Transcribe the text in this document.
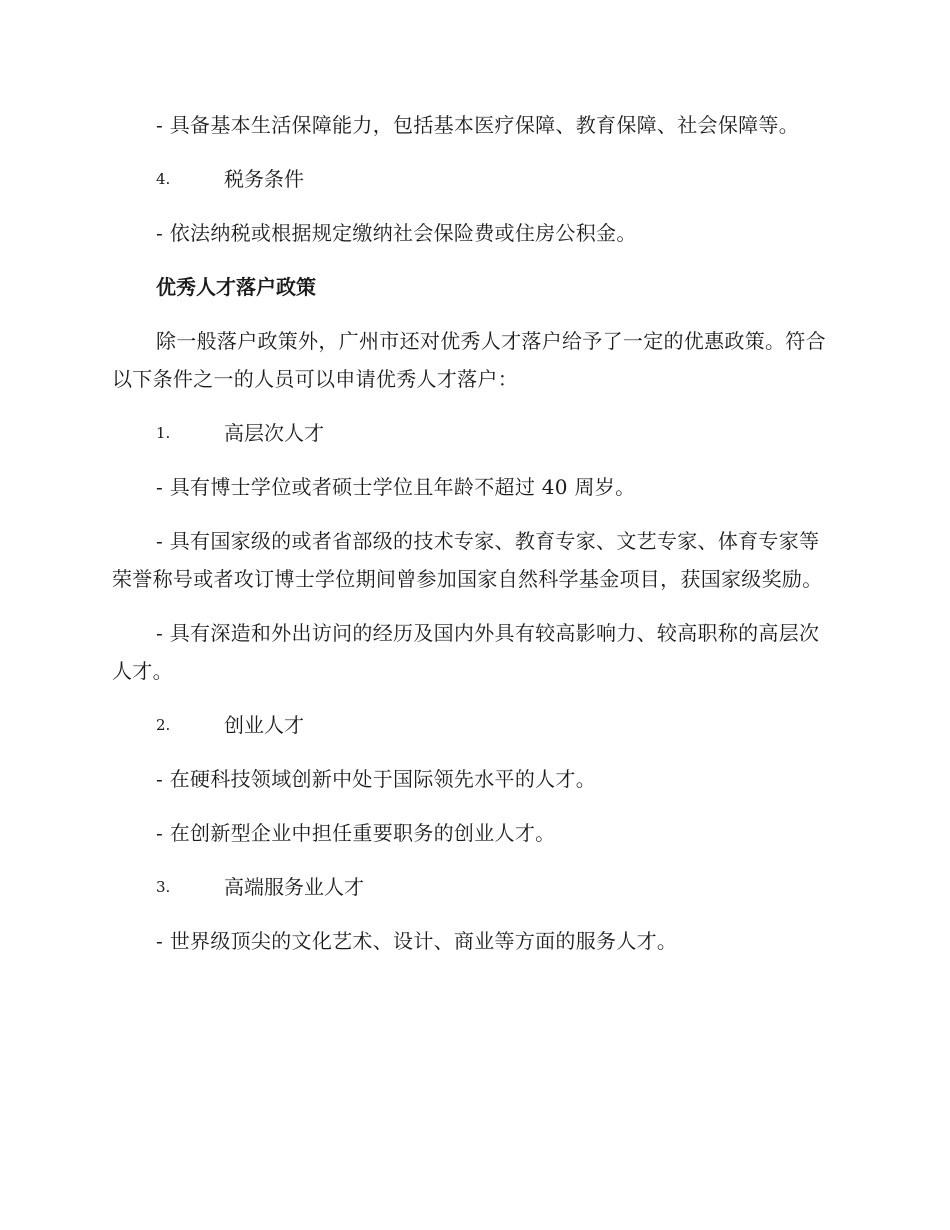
- 具备基本生活保障能力，包括基本医疗保障、教育保障、社会保障等。

4.	税务条件

- 依法纳税或根据规定缴纳社会保险费或住房公积金。

优秀人才落户政策

除一般落户政策外，广州市还对优秀人才落户给予了一定的优惠政策。符合以下条件之一的人员可以申请优秀人才落户：

1.	高层次人才

- 具有博士学位或者硕士学位且年龄不超过 40 周岁。

- 具有国家级的或者省部级的技术专家、教育专家、文艺专家、体育专家等荣誉称号或者攻订博士学位期间曾参加国家自然科学基金项目，获国家级奖励。

- 具有深造和外出访问的经历及国内外具有较高影响力、较高职称的高层次人才。

2.	创业人才

- 在硬科技领域创新中处于国际领先水平的人才。

- 在创新型企业中担任重要职务的创业人才。

3.	高端服务业人才

- 世界级顶尖的文化艺术、设计、商业等方面的服务人才。
